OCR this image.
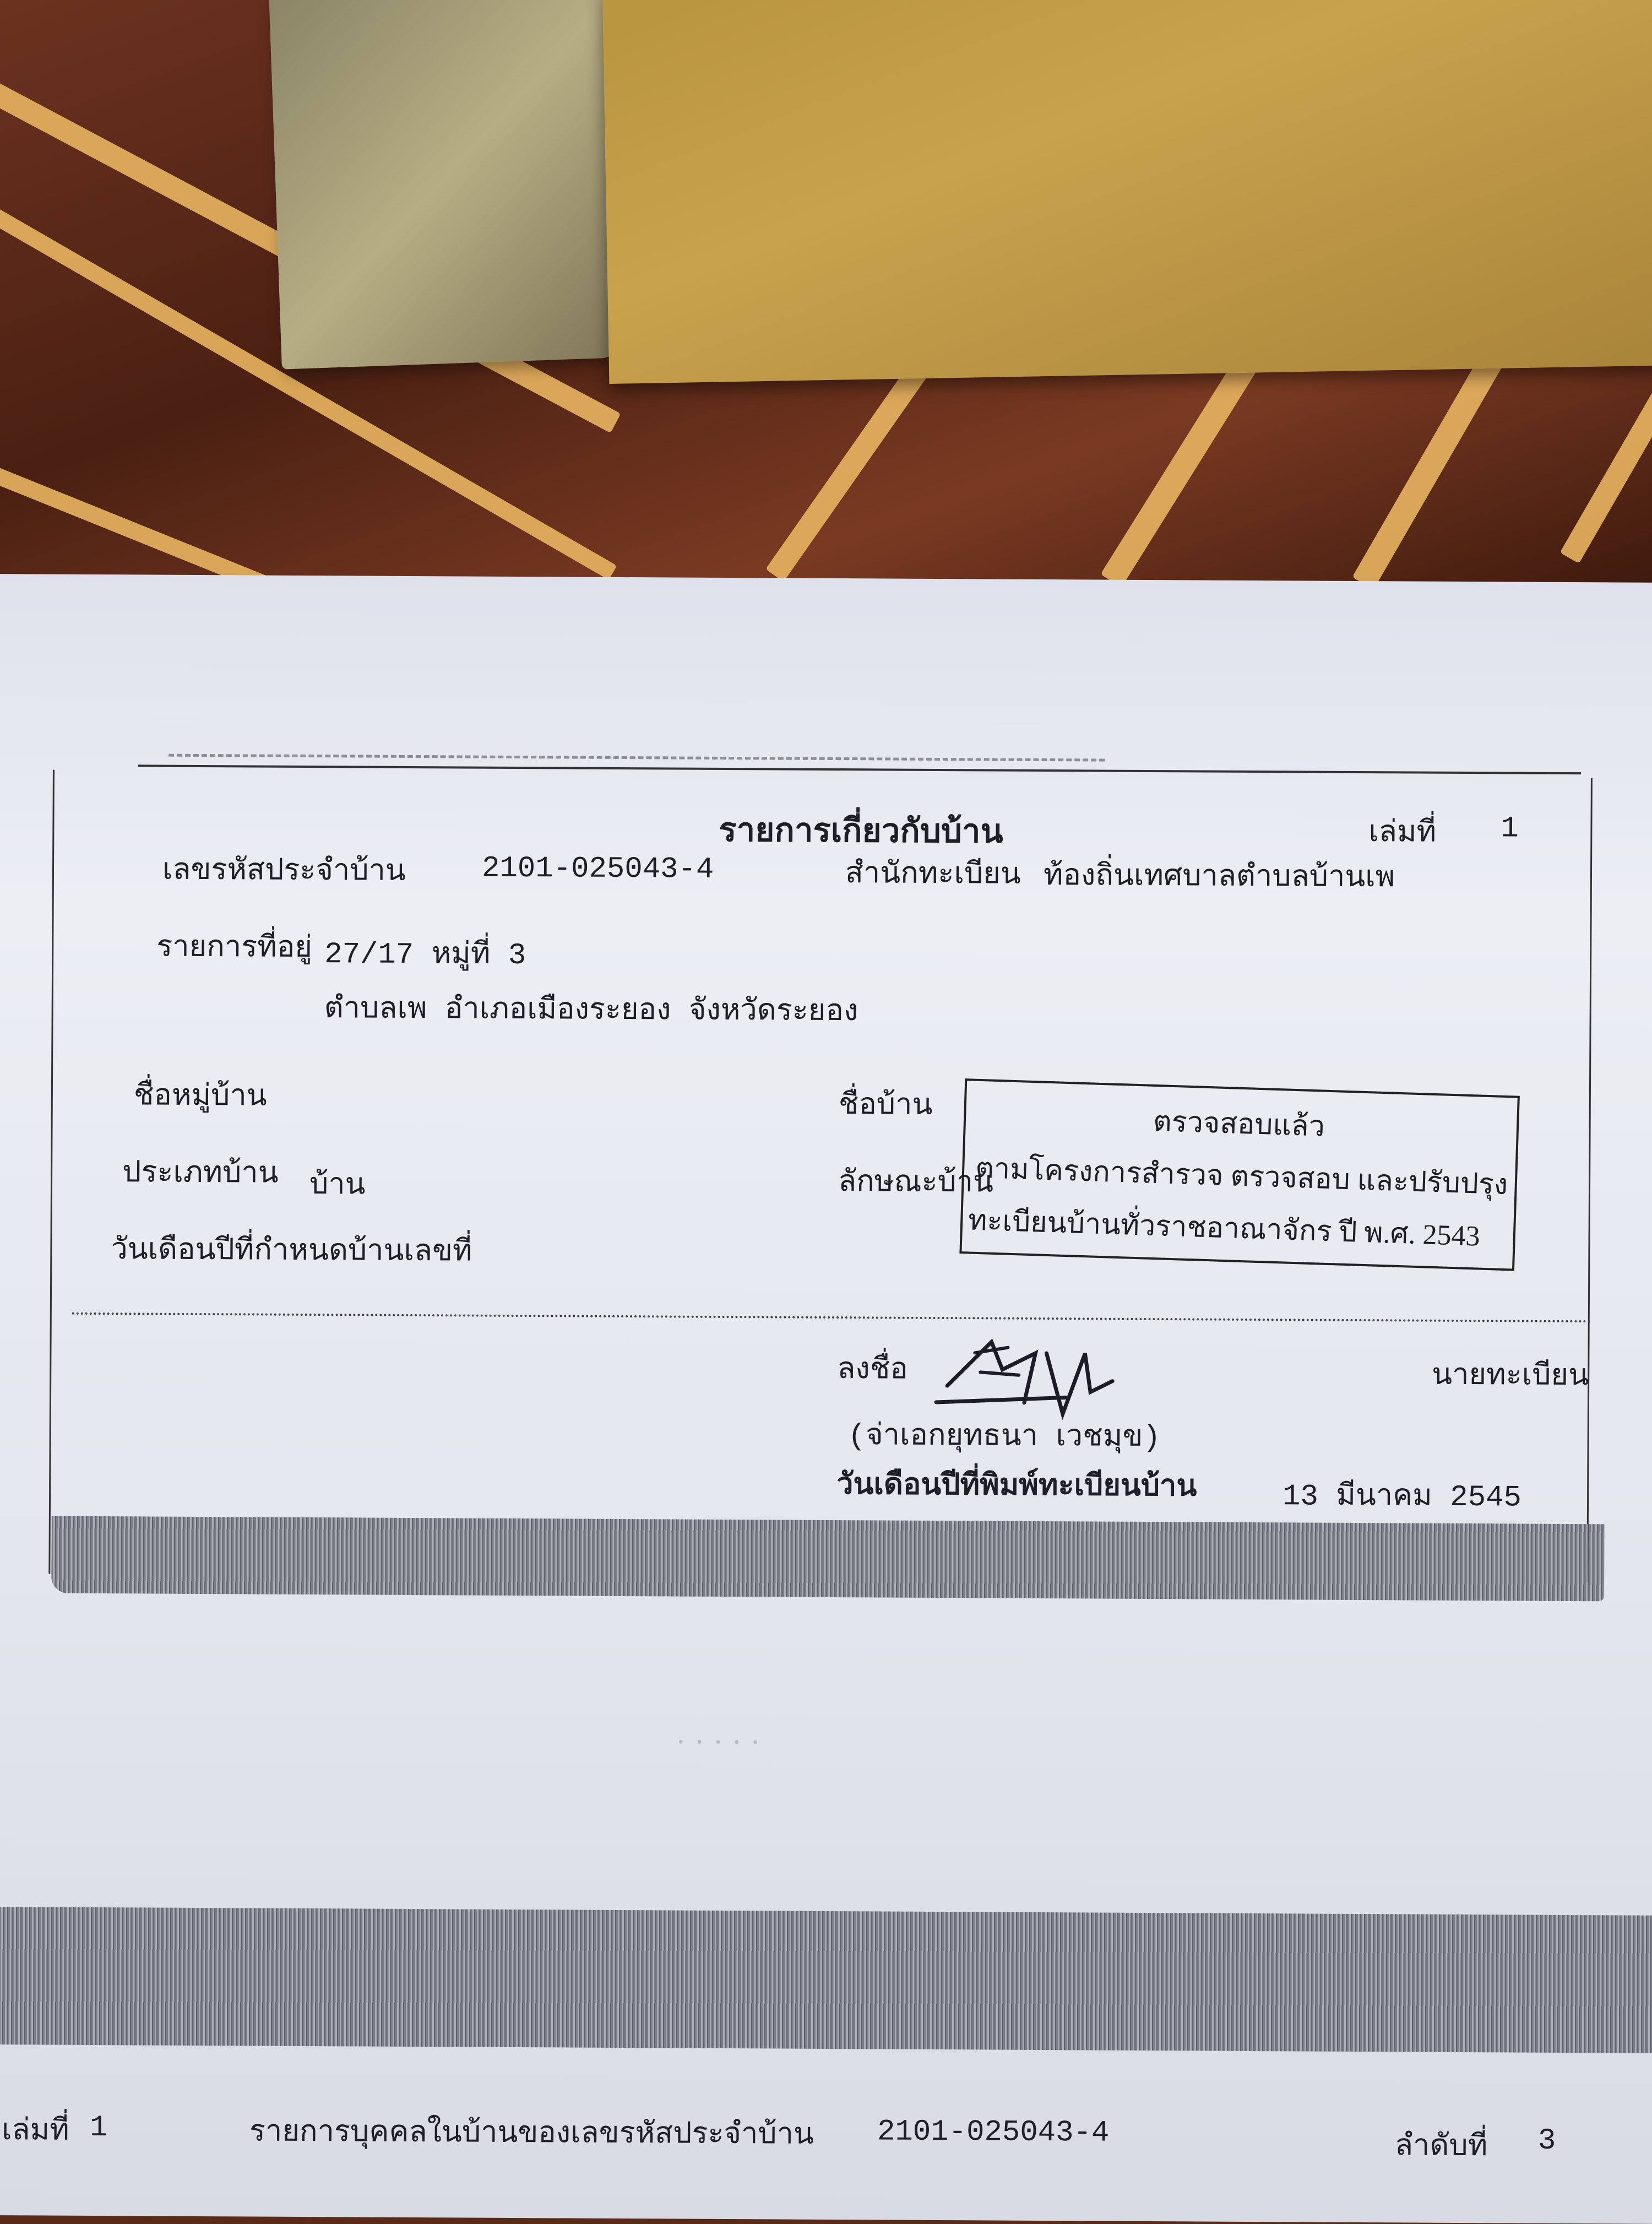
รายการเกี่ยวกับบ้าน	เล่มที่ 1
เลขรหัสประจำบ้าน	2101-025043-4	สำนักทะเบียน ท้องถิ่นเทศบาลตำบลบ้านเพ
รายการที่อยู่ 27/17 หมู่ที่ 3
ตำบลเพ อำเภอเมืองระยอง จังหวัดระยอง
ชื่อหมู่บ้าน	ชื่อบ้าน
ประเภทบ้าน บ้าน	ลักษณะบ้าน
วันเดือนปีที่กำหนดบ้านเลขที่
ตรวจสอบแล้ว
ตามโครงการสำรวจ ตรวจสอบ และปรับปรุง
ทะเบียนบ้านทั่วราชอาณาจักร ปี พ.ศ. 2543
ลงชื่อ	นายทะเบียน
(จ่าเอกยุทธนา เวชมุข)
วันเดือนปีที่พิมพ์ทะเบียนบ้าน	13 มีนาคม 2545
· · · · ·
เล่มที่ 1	รายการบุคคลในบ้านของเลขรหัสประจำบ้าน 2101-025043-4	ลำดับที่ 3
